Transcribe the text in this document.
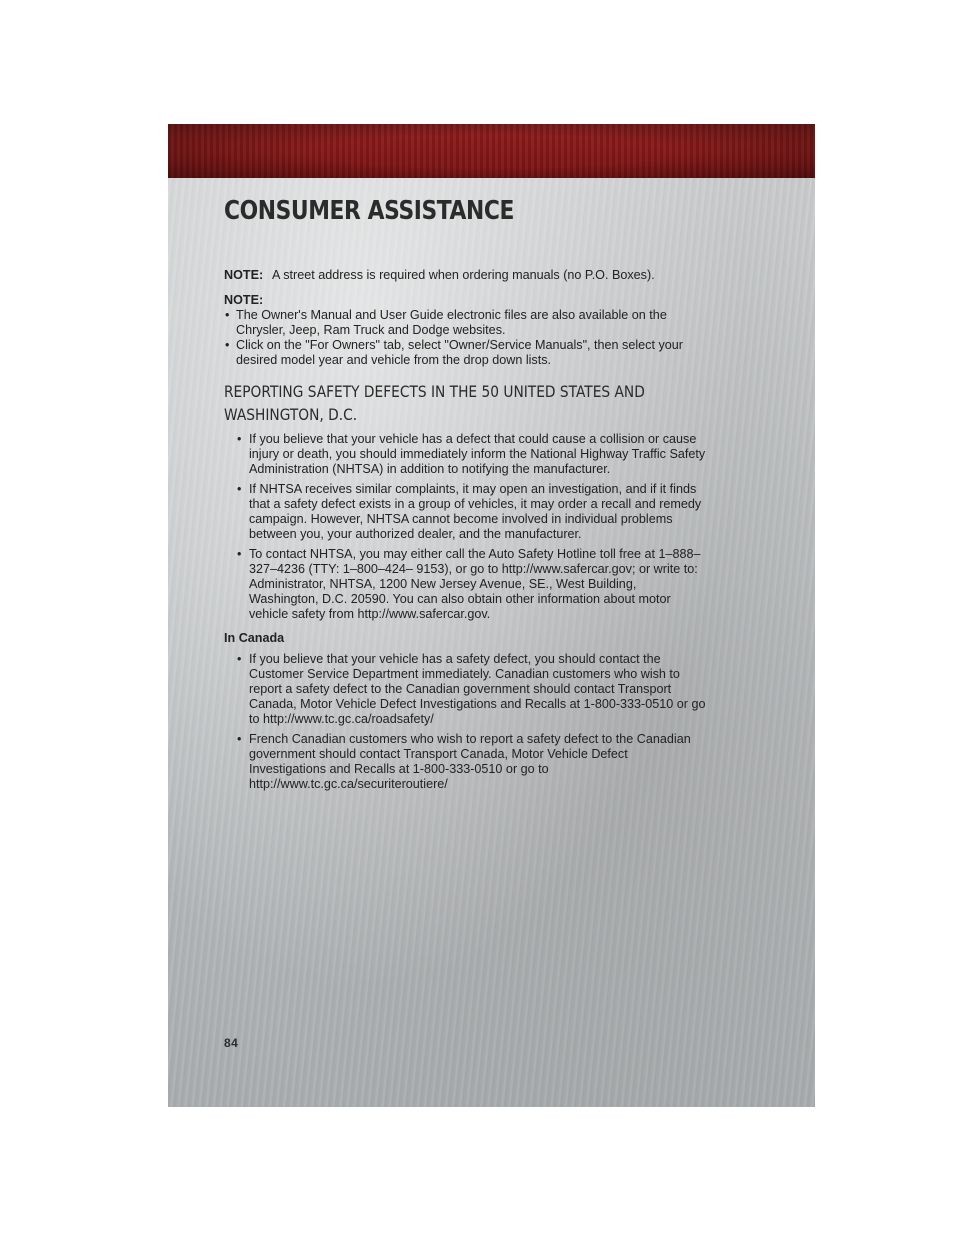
CONSUMER ASSISTANCE

NOTE: A street address is required when ordering manuals (no P.O. Boxes).

NOTE:

• The Owner's Manual and User Guide electronic files are also available on the Chrysler, Jeep, Ram Truck and Dodge websites.
• Click on the "For Owners" tab, select "Owner/Service Manuals", then select your desired model year and vehicle from the drop down lists.
REPORTING SAFETY DEFECTS IN THE 50 UNITED STATES AND
WASHINGTON, D.C.
• If you believe that your vehicle has a defect that could cause a collision or cause injury or death, you should immediately inform the National Highway Traffic Safety Administration (NHTSA) in addition to notifying the manufacturer.
• If NHTSA receives similar complaints, it may open an investigation, and if it finds that a safety defect exists in a group of vehicles, it may order a recall and remedy campaign. However, NHTSA cannot become involved in individual problems between you, your authorized dealer, and the manufacturer.
• To contact NHTSA, you may either call the Auto Safety Hotline toll free at 1–888–327–4236 (TTY: 1–800–424– 9153), or go to http://www.safercar.gov; or write to: Administrator, NHTSA, 1200 New Jersey Avenue, SE., West Building, Washington, D.C. 20590. You can also obtain other information about motor vehicle safety from http://www.safercar.gov.

In Canada

• If you believe that your vehicle has a safety defect, you should contact the Customer Service Department immediately. Canadian customers who wish to report a safety defect to the Canadian government should contact Transport Canada, Motor Vehicle Defect Investigations and Recalls at 1-800-333-0510 or go to http://www.tc.gc.ca/roadsafety/
• French Canadian customers who wish to report a safety defect to the Canadian government should contact Transport Canada, Motor Vehicle Defect Investigations and Recalls at 1-800-333-0510 or go to http://www.tc.gc.ca/securiteroutiere/
84
